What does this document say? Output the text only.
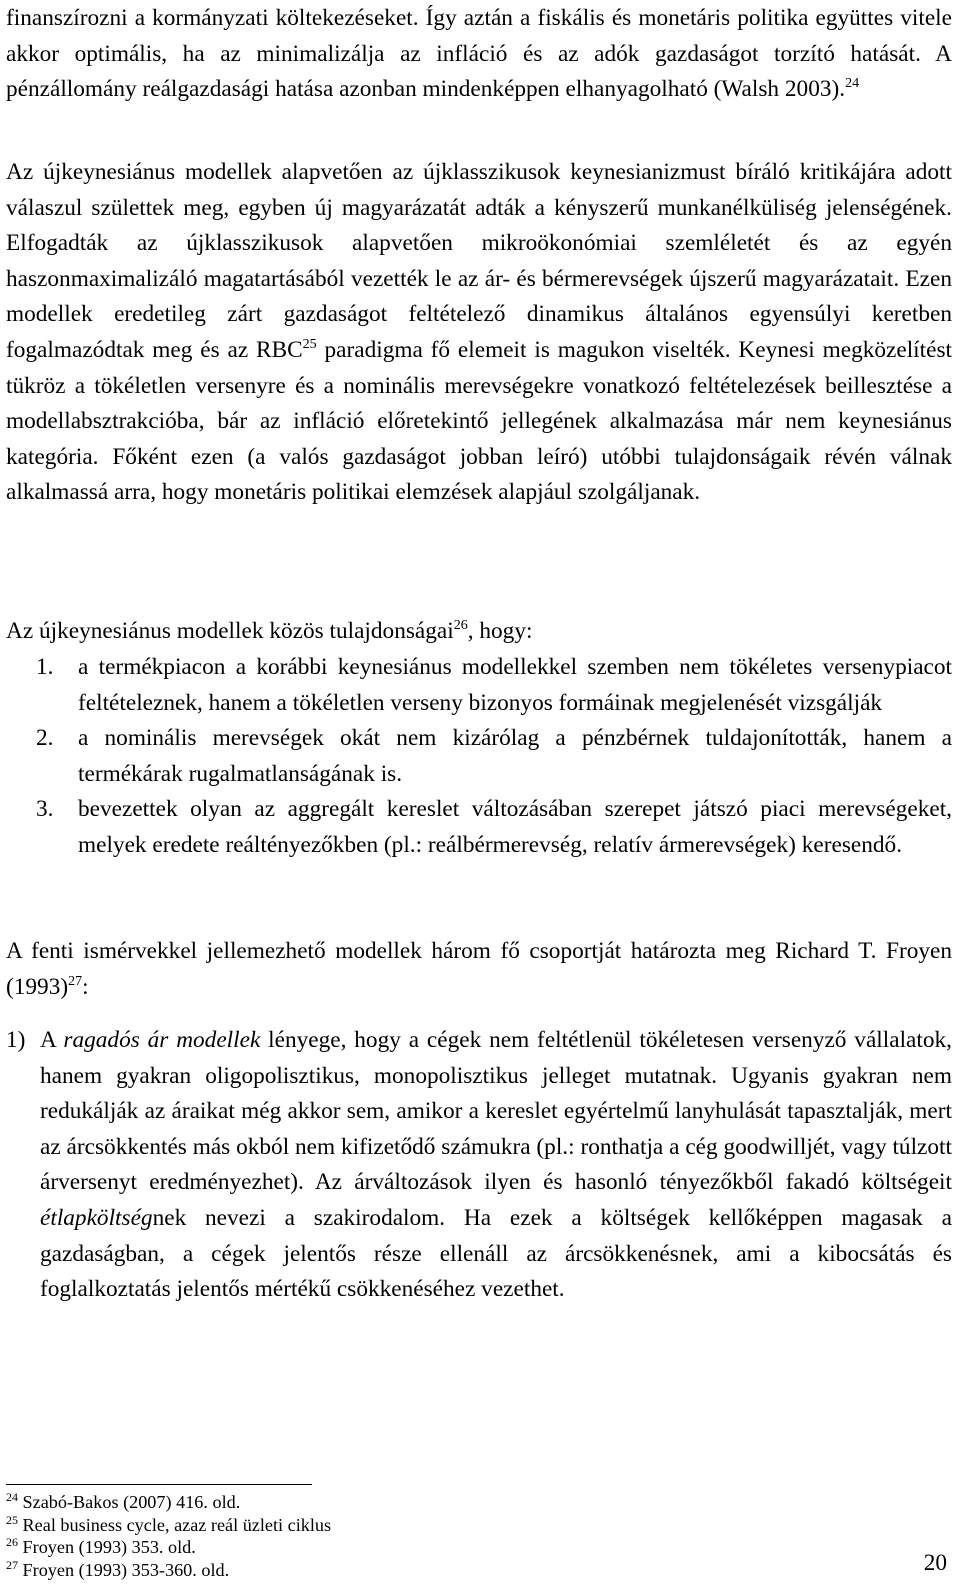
finanszírozni a kormányzati költekezéseket. Így aztán a fiskális és monetáris politika együttes vitele akkor optimális, ha az minimalizálja az infláció és az adók gazdaságot torzító hatását. A pénzállomány reálgazdasági hatása azonban mindenképpen elhanyagolható (Walsh 2003).$^{24}$

Az újkeynesiánus modellek alapvetően az újklasszikusok keynesianizmust bíráló kritikájára adott válaszul születtek meg, egyben új magyarázatát adták a kényszerű munkanélküliség jelenségének. Elfogadták az újklasszikusok alapvetően mikroökonómiai szemléletét és az egyén haszonmaximalizáló magatartásából vezették le az ár- és bérmerevségek újszerű magyarázatait. Ezen modellek eredetileg zárt gazdaságot feltételező dinamikus általános egyensúlyi keretben fogalmazódtak meg és az RBC$^{25}$ paradigma fő elemeit is magukon viselték. Keynesi megközelítést tükröz a tökéletlen versenyre és a nominális merevségekre vonatkozó feltételezések beillesztése a modellabsztrakcióba, bár az infláció előretekintő jellegének alkalmazása már nem keynesiánus kategória. Főként ezen (a valós gazdaságot jobban leíró) utóbbi tulajdonságaik révén válnak alkalmassá arra, hogy monetáris politikai elemzések alapjául szolgáljanak.

Az újkeynesiánus modellek közös tulajdonságai$^{26}$, hogy:

1. a termékpiacon a korábbi keynesiánus modellekkel szemben nem tökéletes versenypiacot feltételeznek, hanem a tökéletlen verseny bizonyos formáinak megjelenését vizsgálják
2. a nominális merevségek okát nem kizárólag a pénzbérnek tuldajonították, hanem a termékárak rugalmatlanságának is.
3. bevezettek olyan az aggregált kereslet változásában szerepet játszó piaci merevségeket, melyek eredete reáltényezőkben (pl.: reálbérmerevség, relatív ármerevségek) keresendő.

A fenti ismérvekkel jellemezhető modellek három fő csoportját határozta meg Richard T. Froyen $(1993)^{27}$:

1) A ragadós ár modellek lényege, hogy a cégek nem feltétlenül tökéletesen versenyző vállalatok, hanem gyakran oligopolisztikus, monopolisztikus jelleget mutatnak. Ugyanis gyakran nem redukálják az áraikat még akkor sem, amikor a kereslet egyértelmű lanyhulását tapasztalják, mert az árcsökkentés más okból nem kifizetődő számukra (pl.: ronthatja a cég goodwilljét, vagy túlzott árversenyt eredményezhet). Az árváltozások ilyen és hasonló tényezőkből fakadó költségeit étlapköltségnek nevezi a szakirodalom. Ha ezek a költségek kellőképpen magasak a gazdaságban, a cégek jelentős része ellenáll az árcsökkenésnek, ami a kibocsátás és foglalkoztatás jelentős mértékű csökkenéséhez vezethet.
$^{24}$ Szabó-Bakos (2007) 416. old.
$^{25}$ Real business cycle, azaz reál üzleti ciklus
$^{26}$ Froyen (1993) 353. old.
$^{27}$ Froyen (1993) 353-360. old.	20
